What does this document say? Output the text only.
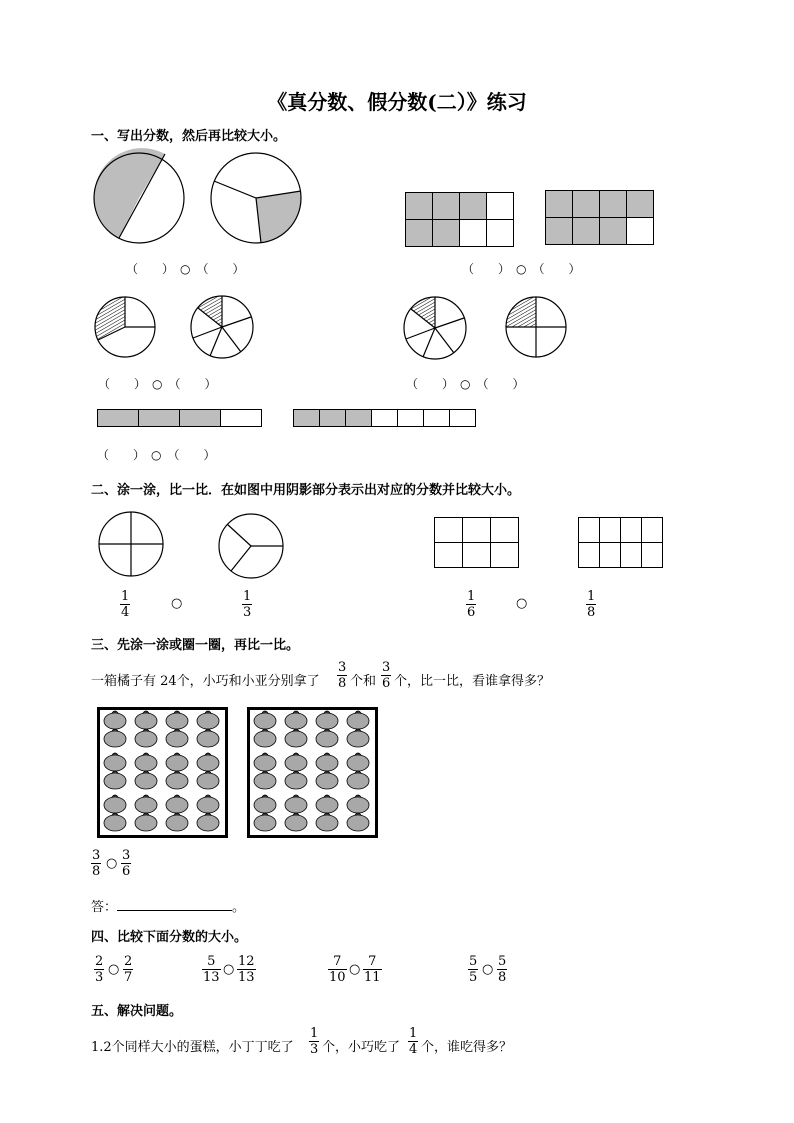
《真分数、假分数(二）》练习
一、写出分数，然后再比较大小。
（　　）　○　（　　）	（　　）　○　（　　）
（　　）　○　（　　）	（　　）　○　（　　）
（　　）　○　（　　）
二、涂一涂，比一比．在如图中用阴影部分表示出对应的分数并比较大小。
1
4
○	1
3
1
6
○	1
8
三、先涂一涂或圈一圈，再比一比。
一箱橘子有 24个，小巧和小亚分别拿了
3
8 个和
3
6 个，比一比，看谁拿得多？
3
8
○
3
6
答：	。
四、比较下面分数的大小。
2
3
○
2
7
5
13
○
12
13
7
10
○
7
11
5
5
○
5
8
五、解决问题。
1.2个同样大小的蛋糕，小丁丁吃了
1
3 个，小巧吃了
1
4 个，谁吃得多？
